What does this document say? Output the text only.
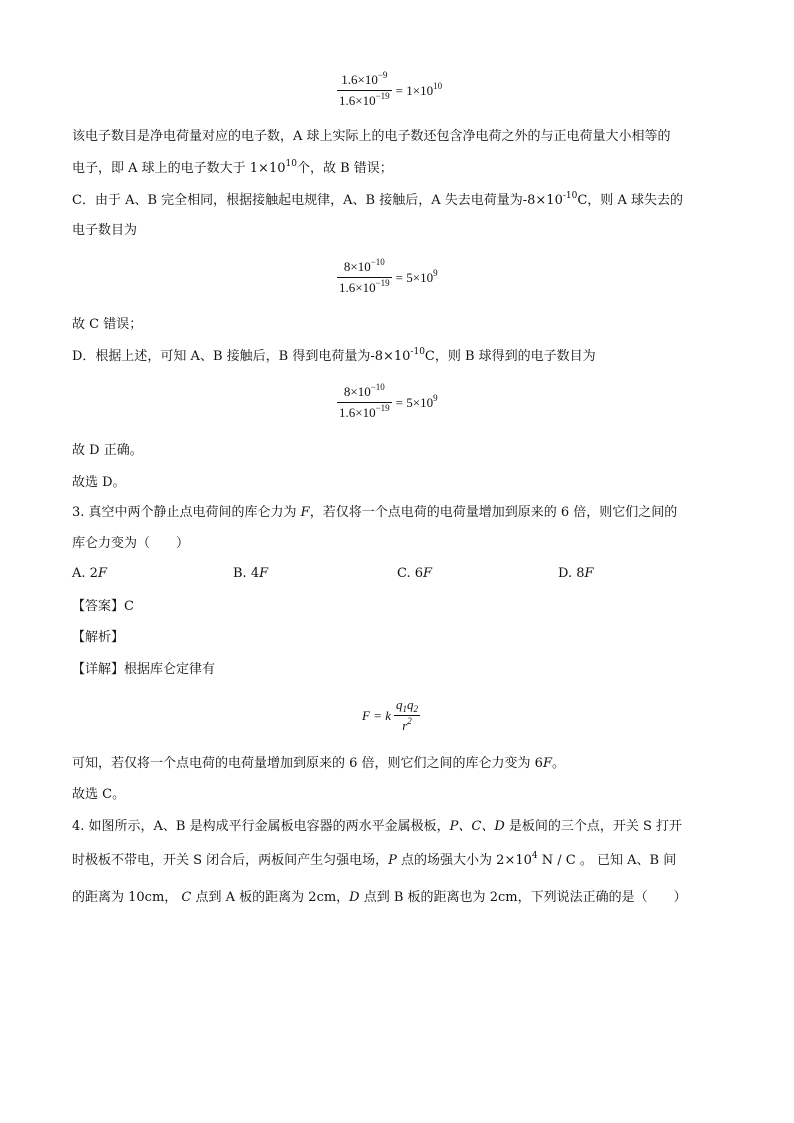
$\frac{1.6\times 10^{-9}}{1.6\times 10^{-19}} = 1\times 10^{10}$
该电子数目是净电荷量对应的电子数，A 球上实际上的电子数还包含净电荷之外的与正电荷量大小相等的
电子，即 A 球上的电子数大于 $1\times 10^{10}$个，故 B 错误；
C．由于 A、B 完全相同，根据接触起电规律，A、B 接触后，A 失去电荷量为$-8\times 10^{-10}C$，则 A 球失去的
电子数目为
$\frac{8\times 10^{-10}}{1.6\times 10^{-19}} = 5\times 10^9$
故 C 错误；
D．根据上述，可知 A、B 接触后，B 得到电荷量为$-8\times 10^{-10}C$，则 B 球得到的电子数目为
$\frac{8\times 10^{-10}}{1.6\times 10^{-19}} = 5\times 10^9$
故 D 正确。
故选 D。
3. 真空中两个静止点电荷间的库仑力为 F，若仅将一个点电荷的电荷量增加到原来的 6 倍，则它们之间的
库仑力变为（　　）
A. 2F	B. 4F	C. 6F	D. 8F
【答案】C
【解析】
【详解】根据库仑定律有
F = k $\frac{q_1q_2}{r^2}$
可知，若仅将一个点电荷的电荷量增加到原来的 6 倍，则它们之间的库仑力变为 6F。
故选 C。
4. 如图所示，A、B 是构成平行金属板电容器的两水平金属极板，P、C、D 是板间的三个点，开关 S 打开
时极板不带电，开关 S 闭合后，两板间产生匀强电场，P 点的场强大小为 $2\times 10^4$ N / C 。 已知 A、B 间
的距离为 10cm， C 点到 A 板的距离为 2cm，D 点到 B 板的距离也为 2cm，下列说法正确的是（　　）
